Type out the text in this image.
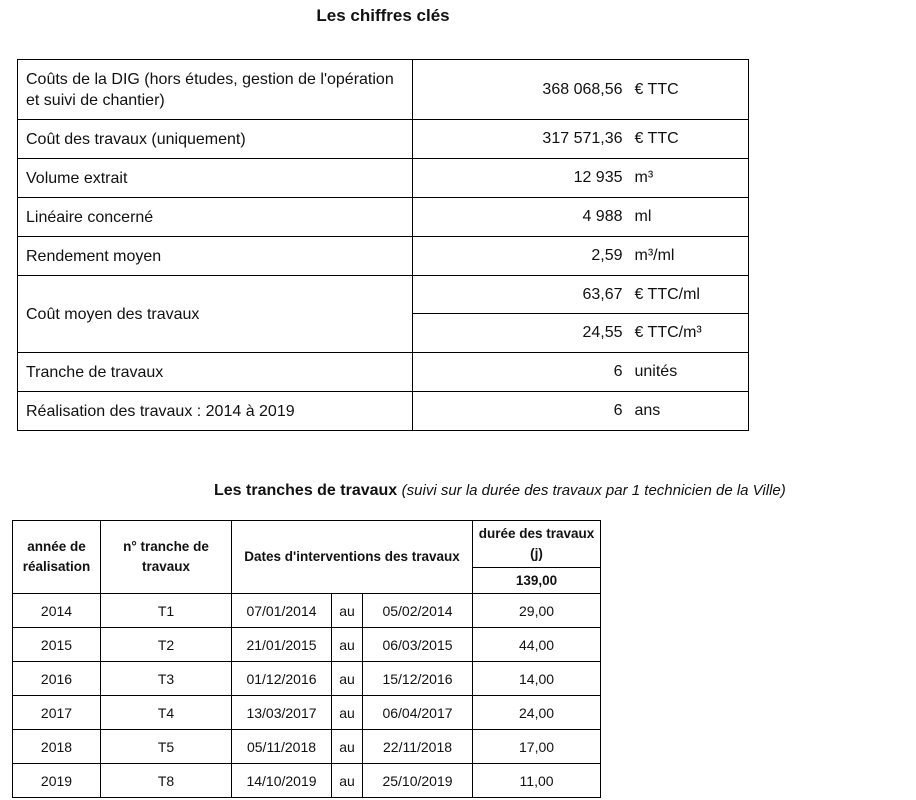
Les chiffres clés
Coûts de la DIG (hors études, gestion de l'opération et suivi de chantier)	368 068,56	€ TTC
Coût des travaux (uniquement)	317 571,36	€ TTC
Volume extrait	12 935	m³
Linéaire concerné	4 988	ml
Rendement moyen	2,59	m³/ml
Coût moyen des travaux	63,67	€ TTC/ml
	24,55	€ TTC/m³
Tranche de travaux	6	unités
Réalisation des travaux : 2014 à 2019	6	ans
Les tranches de travaux (suivi sur la durée des travaux par 1 technicien de la Ville)
année de réalisation	n° tranche de travaux	Dates d'interventions des travaux			durée des travaux (j)
					139,00
2014	T1	07/01/2014	au	05/02/2014	29,00
2015	T2	21/01/2015	au	06/03/2015	44,00
2016	T3	01/12/2016	au	15/12/2016	14,00
2017	T4	13/03/2017	au	06/04/2017	24,00
2018	T5	05/11/2018	au	22/11/2018	17,00
2019	T8	14/10/2019	au	25/10/2019	11,00
